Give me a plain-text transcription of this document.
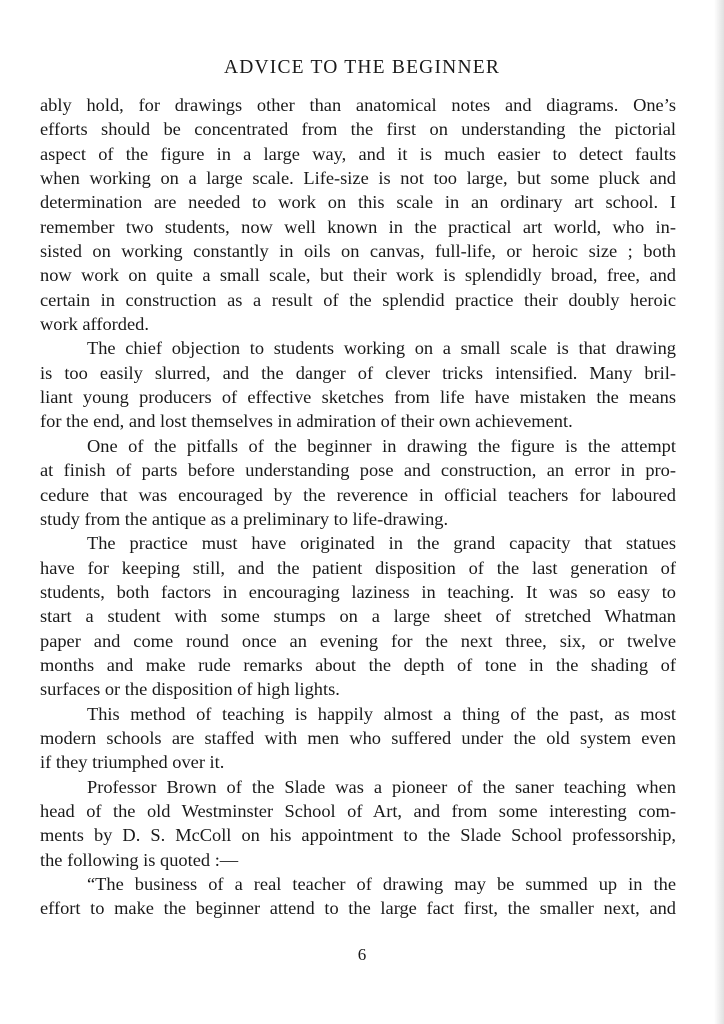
ADVICE TO THE BEGINNER
ably hold, for drawings other than anatomical notes and diagrams. One’s
efforts should be concentrated from the first on understanding the pictorial
aspect of the figure in a large way, and it is much easier to detect faults
when working on a large scale. Life-size is not too large, but some pluck and
determination are needed to work on this scale in an ordinary art school. I
remember two students, now well known in the practical art world, who in-
sisted on working constantly in oils on canvas, full-life, or heroic size ; both
now work on quite a small scale, but their work is splendidly broad, free, and
certain in construction as a result of the splendid practice their doubly heroic
work afforded.
The chief objection to students working on a small scale is that drawing
is too easily slurred, and the danger of clever tricks intensified. Many bril-
liant young producers of effective sketches from life have mistaken the means
for the end, and lost themselves in admiration of their own achievement.
One of the pitfalls of the beginner in drawing the figure is the attempt
at finish of parts before understanding pose and construction, an error in pro-
cedure that was encouraged by the reverence in official teachers for laboured
study from the antique as a preliminary to life-drawing.
The practice must have originated in the grand capacity that statues
have for keeping still, and the patient disposition of the last generation of
students, both factors in encouraging laziness in teaching. It was so easy to
start a student with some stumps on a large sheet of stretched Whatman
paper and come round once an evening for the next three, six, or twelve
months and make rude remarks about the depth of tone in the shading of
surfaces or the disposition of high lights.
This method of teaching is happily almost a thing of the past, as most
modern schools are staffed with men who suffered under the old system even
if they triumphed over it.
Professor Brown of the Slade was a pioneer of the saner teaching when
head of the old Westminster School of Art, and from some interesting com-
ments by D. S. McColl on his appointment to the Slade School professorship,
the following is quoted :—
“The business of a real teacher of drawing may be summed up in the
effort to make the beginner attend to the large fact first, the smaller next, and
6
